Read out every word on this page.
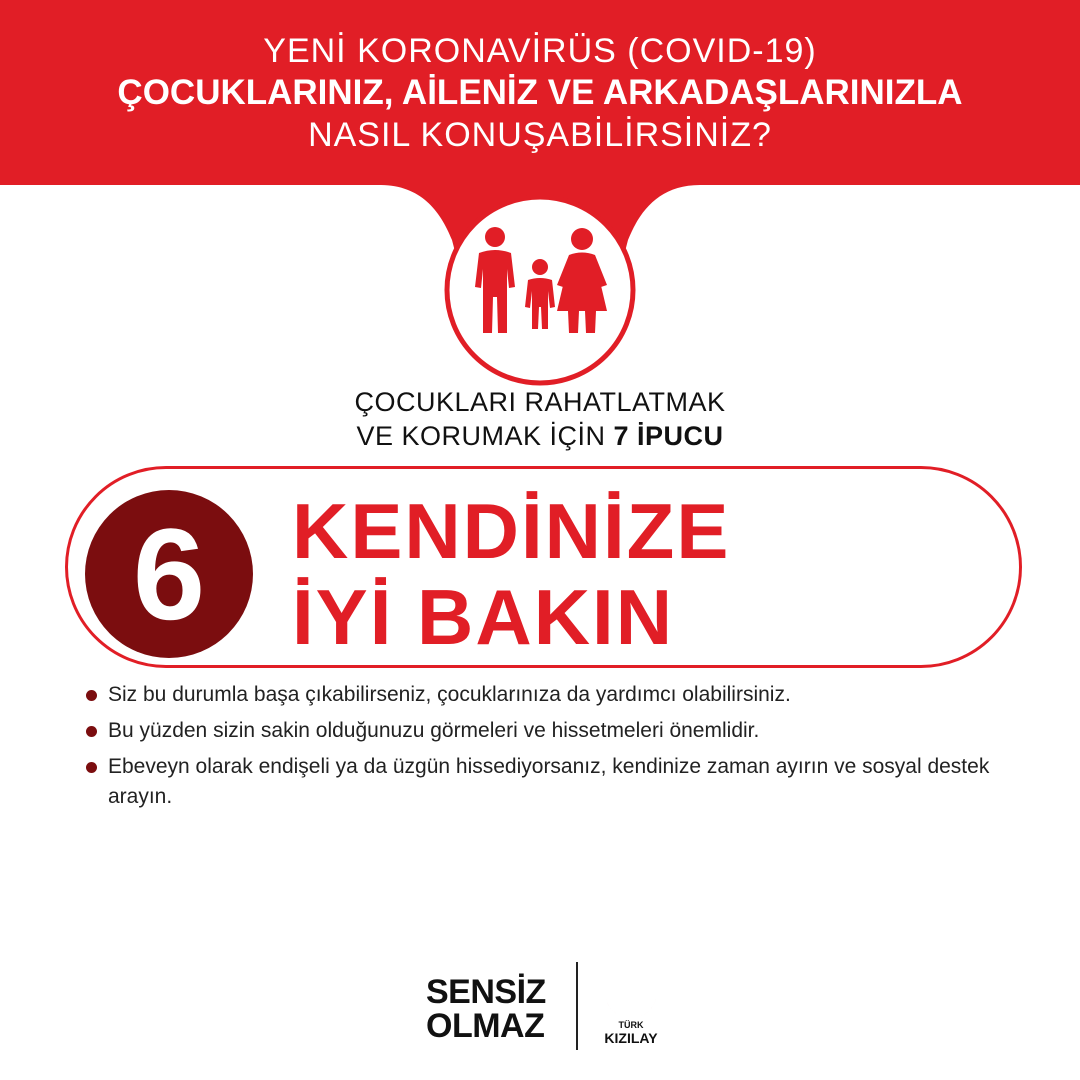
YENİ KORONAVİRÜS (COVID-19)
ÇOCUKLARINIZ, AİLENİZ VE ARKADAŞLARINIZLA
NASIL KONUŞABİLİRSİNİZ?
ÇOCUKLARI RAHATLATMAK
VE KORUMAK İÇİN 7 İPUCU
6	KENDİNİZE
İYİ BAKIN
Siz bu durumla başa çıkabilirseniz, çocuklarınıza da yardımcı olabilirsiniz.
Bu yüzden sizin sakin olduğunuzu görmeleri ve hissetmeleri önemlidir.
Ebeveyn olarak endişeli ya da üzgün hissediyorsanız, kendinize zaman ayırın ve sosyal destek arayın.
SENSİZ
OLMAZ	TÜRK
KIZILAY
